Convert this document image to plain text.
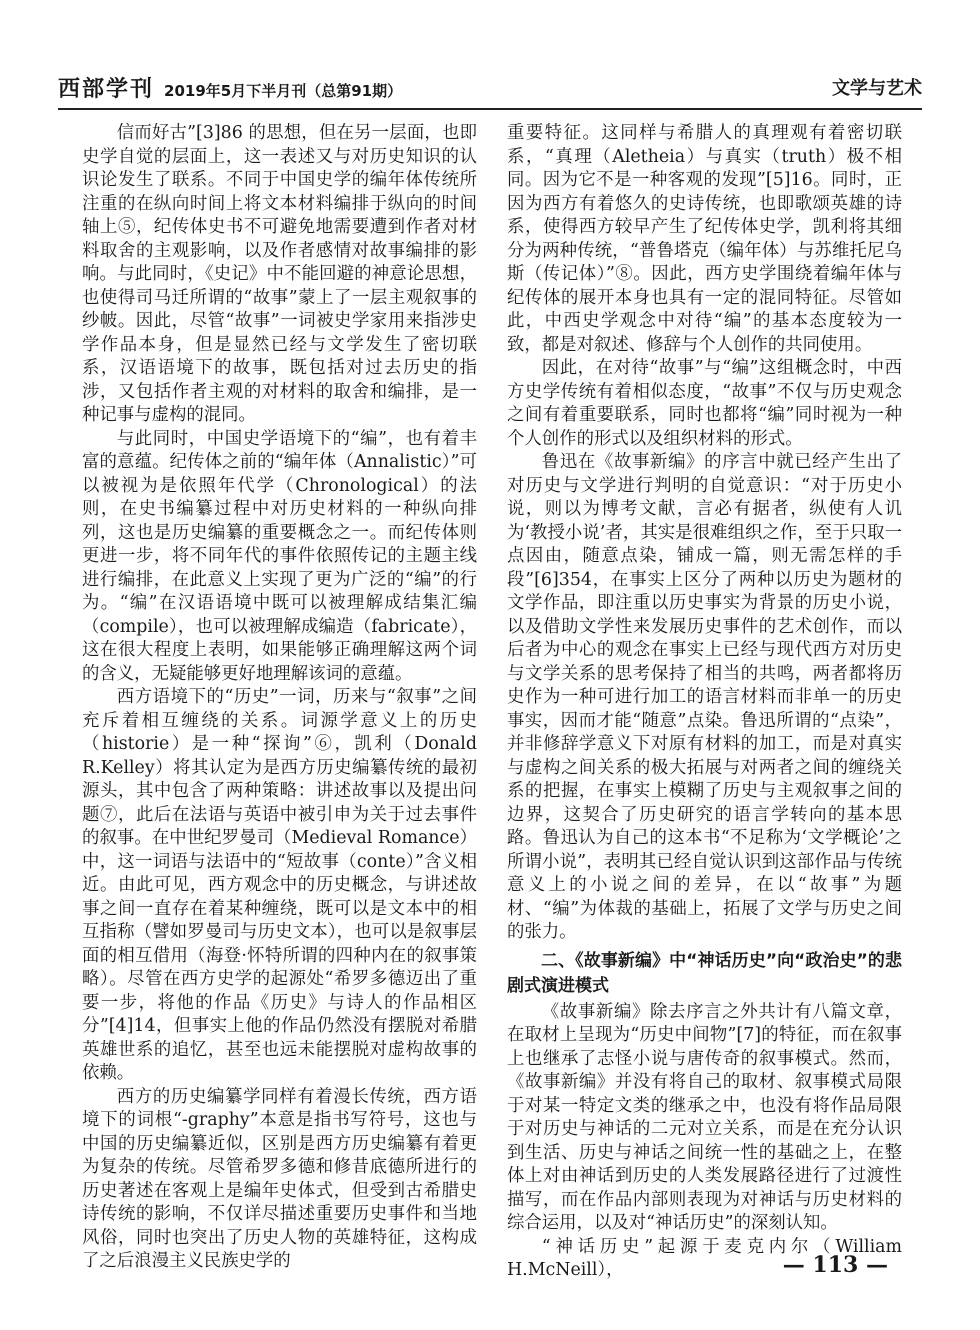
西部学刊 2019年5月下半月刊（总第91期）	文学与艺术

信而好古”[3]86 的思想，但在另一层面，也即史学自觉的层面上，这一表述又与对历史知识的认识论发生了联系。不同于中国史学的编年体传统所注重的在纵向时间上将文本材料编排于纵向的时间轴上⑤，纪传体史书不可避免地需要遭到作者对材料取舍的主观影响，以及作者感情对故事编排的影响。与此同时，《史记》中不能回避的神意论思想，也使得司马迁所谓的“故事”蒙上了一层主观叙事的纱帔。因此，尽管“故事”一词被史学家用来指涉史学作品本身，但是显然已经与文学发生了密切联系，汉语语境下的故事，既包括对过去历史的指涉，又包括作者主观的对材料的取舍和编排，是一种记事与虚构的混同。

与此同时，中国史学语境下的“编”，也有着丰富的意蕴。纪传体之前的“编年体（Annalistic）”可以被视为是依照年代学（Chronological）的法则，在史书编纂过程中对历史材料的一种纵向排列，这也是历史编纂的重要概念之一。而纪传体则更进一步，将不同年代的事件依照传记的主题主线进行编排，在此意义上实现了更为广泛的“编”的行为。“编”在汉语语境中既可以被理解成结集汇编（compile），也可以被理解成编造（fabricate），这在很大程度上表明，如果能够正确理解这两个词的含义，无疑能够更好地理解该词的意蕴。

西方语境下的“历史”一词，历来与“叙事”之间充斥着相互缠绕的关系。词源学意义上的历史（historie）是一种“探询”⑥，凯利（Donald R.Kelley）将其认定为是西方历史编纂传统的最初源头，其中包含了两种策略：讲述故事以及提出问题⑦，此后在法语与英语中被引申为关于过去事件的叙事。在中世纪罗曼司（Medieval Romance）中，这一词语与法语中的“短故事（conte）”含义相近。由此可见，西方观念中的历史概念，与讲述故事之间一直存在着某种缠绕，既可以是文本中的相互指称（譬如罗曼司与历史文本），也可以是叙事层面的相互借用（海登·怀特所谓的四种内在的叙事策略）。尽管在西方史学的起源处“希罗多德迈出了重要一步，将他的作品《历史》与诗人的作品相区分”[4]14，但事实上他的作品仍然没有摆脱对希腊英雄世系的追忆，甚至也远未能摆脱对虚构故事的依赖。

西方的历史编纂学同样有着漫长传统，西方语境下的词根“-graphy”本意是指书写符号，这也与中国的历史编纂近似，区别是西方历史编纂有着更为复杂的传统。尽管希罗多德和修昔底德所进行的历史著述在客观上是编年史体式，但受到古希腊史诗传统的影响，不仅详尽描述重要历史事件和当地风俗，同时也突出了历史人物的英雄特征，这构成了之后浪漫主义民族史学的

重要特征。这同样与希腊人的真理观有着密切联系，“真理（Aletheia）与真实（truth）极不相同。因为它不是一种客观的发现”[5]16。同时，正因为西方有着悠久的史诗传统，也即歌颂英雄的诗系，使得西方较早产生了纪传体史学，凯利将其细分为两种传统，“普鲁塔克（编年体）与苏维托尼乌斯（传记体）”⑧。因此，西方史学围绕着编年体与纪传体的展开本身也具有一定的混同特征。尽管如此，中西史学观念中对待“编”的基本态度较为一致，都是对叙述、修辞与个人创作的共同使用。

因此，在对待“故事”与“编”这组概念时，中西方史学传统有着相似态度，“故事”不仅与历史观念之间有着重要联系，同时也都将“编”同时视为一种个人创作的形式以及组织材料的形式。

鲁迅在《故事新编》的序言中就已经产生出了对历史与文学进行判明的自觉意识：“对于历史小说，则以为博考文献，言必有据者，纵使有人讥为‘教授小说’者，其实是很难组织之作，至于只取一点因由，随意点染，铺成一篇，则无需怎样的手段”[6]354，在事实上区分了两种以历史为题材的文学作品，即注重以历史事实为背景的历史小说，以及借助文学性来发展历史事件的艺术创作，而以后者为中心的观念在事实上已经与现代西方对历史与文学关系的思考保持了相当的共鸣，两者都将历史作为一种可进行加工的语言材料而非单一的历史事实，因而才能“随意”点染。鲁迅所谓的“点染”，并非修辞学意义下对原有材料的加工，而是对真实与虚构之间关系的极大拓展与对两者之间的缠绕关系的把握，在事实上模糊了历史与主观叙事之间的边界，这契合了历史研究的语言学转向的基本思路。鲁迅认为自己的这本书“不足称为‘文学概论’之所谓小说”，表明其已经自觉认识到这部作品与传统意义上的小说之间的差异，在以“故事”为题材、“编”为体裁的基础上，拓展了文学与历史之间的张力。

二、《故事新编》中“神话历史”向“政治史”的悲剧式演进模式

《故事新编》除去序言之外共计有八篇文章，在取材上呈现为“历史中间物”[7]的特征，而在叙事上也继承了志怪小说与唐传奇的叙事模式。然而，《故事新编》并没有将自己的取材、叙事模式局限于对某一特定文类的继承之中，也没有将作品局限于对历史与神话的二元对立关系，而是在充分认识到生活、历史与神话之间统一性的基础之上，在整体上对由神话到历史的人类发展路径进行了过渡性描写，而在作品内部则表现为对神话与历史材料的综合运用，以及对“神话历史”的深刻认知。

“神话历史”起源于麦克内尔（William H.McNeill），	— 113 —
